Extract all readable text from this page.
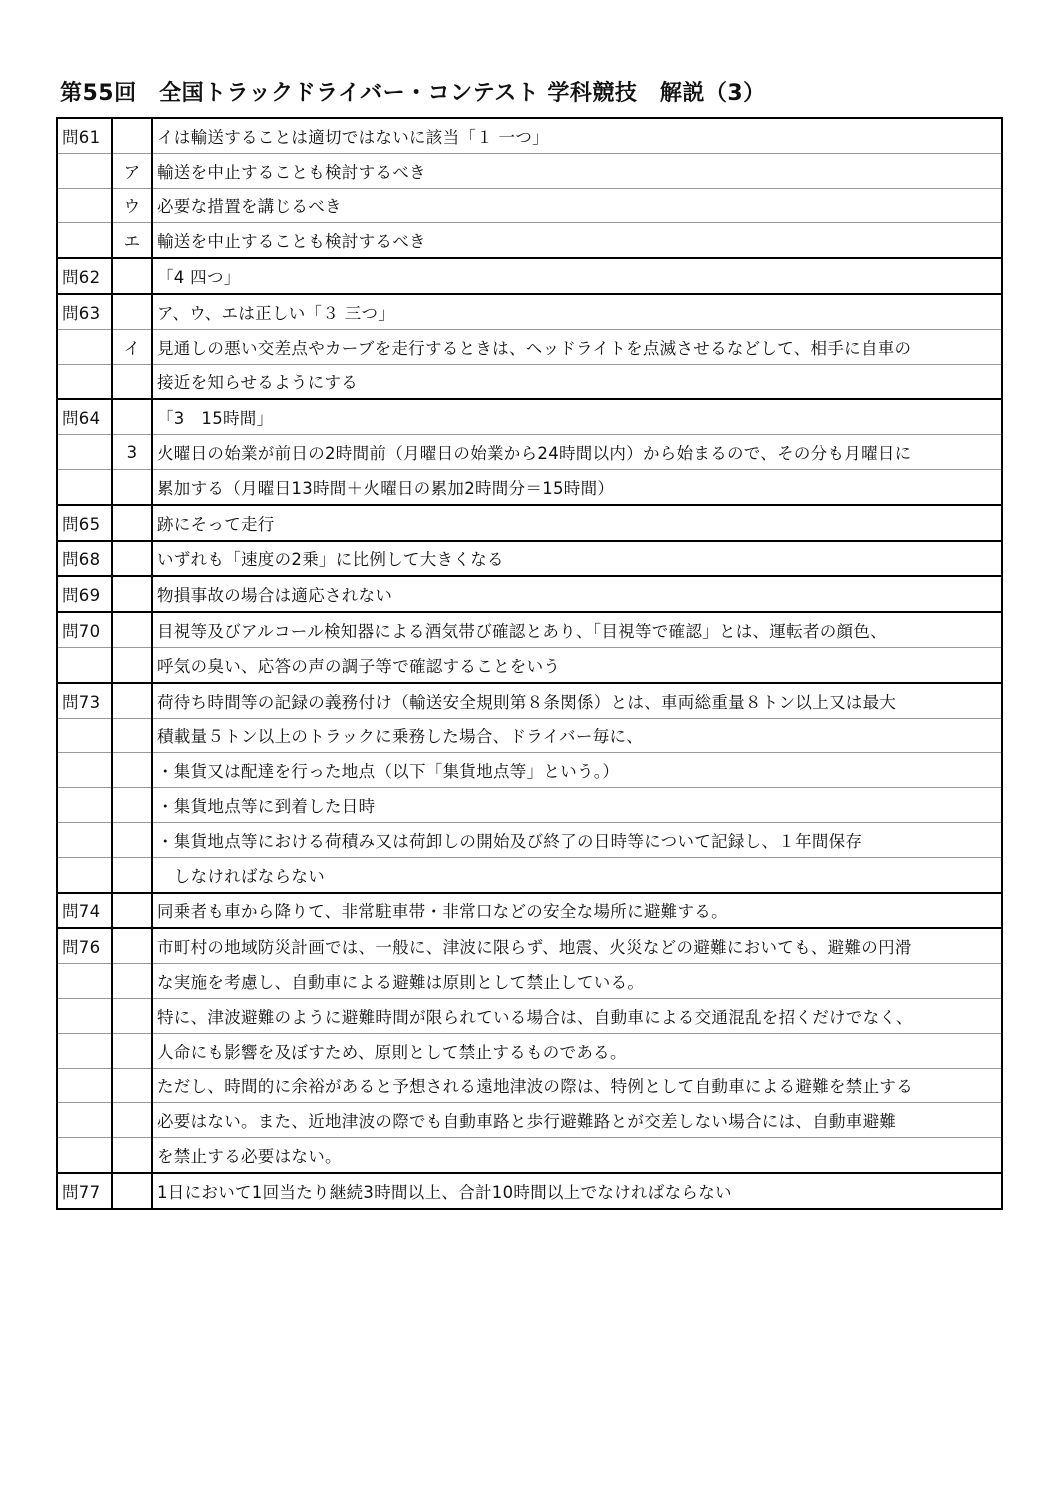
第55回　全国トラックドライバー・コンテスト 学科競技　解説（3）
問61		イは輸送することは適切ではないに該当「１ 一つ」
	ア	輸送を中止することも検討するべき
	ウ	必要な措置を講じるべき
	エ	輸送を中止することも検討するべき
問62		「4 四つ」
問63		ア、ウ、エは正しい「３ 三つ」
	イ	見通しの悪い交差点やカーブを走行するときは、ヘッドライトを点滅させるなどして、相手に自車の
		接近を知らせるようにする
問64		「3　15時間」
	3	火曜日の始業が前日の2時間前（月曜日の始業から24時間以内）から始まるので、その分も月曜日に
		累加する（月曜日13時間＋火曜日の累加2時間分＝15時間）
問65		跡にそって走行
問68		いずれも「速度の2乗」に比例して大きくなる
問69		物損事故の場合は適応されない
問70		目視等及びアルコール検知器による酒気帯び確認とあり、「目視等で確認」とは、運転者の顔色、
		呼気の臭い、応答の声の調子等で確認することをいう
問73		荷待ち時間等の記録の義務付け（輸送安全規則第８条関係）とは、車両総重量８トン以上又は最大
		積載量５トン以上のトラックに乗務した場合、ドライバー毎に、
		・集貨又は配達を行った地点（以下「集貨地点等」という。）
		・集貨地点等に到着した日時
		・集貨地点等における荷積み又は荷卸しの開始及び終了の日時等について記録し、１年間保存
		　しなければならない
問74		同乗者も車から降りて、非常駐車帯・非常口などの安全な場所に避難する。
問76		市町村の地域防災計画では、一般に、津波に限らず、地震、火災などの避難においても、避難の円滑
		な実施を考慮し、自動車による避難は原則として禁止している。
		特に、津波避難のように避難時間が限られている場合は、自動車による交通混乱を招くだけでなく、
		人命にも影響を及ぼすため、原則として禁止するものである。
		ただし、時間的に余裕があると予想される遠地津波の際は、特例として自動車による避難を禁止する
		必要はない。また、近地津波の際でも自動車路と歩行避難路とが交差しない場合には、自動車避難
		を禁止する必要はない。
問77		1日において1回当たり継続3時間以上、合計10時間以上でなければならない
